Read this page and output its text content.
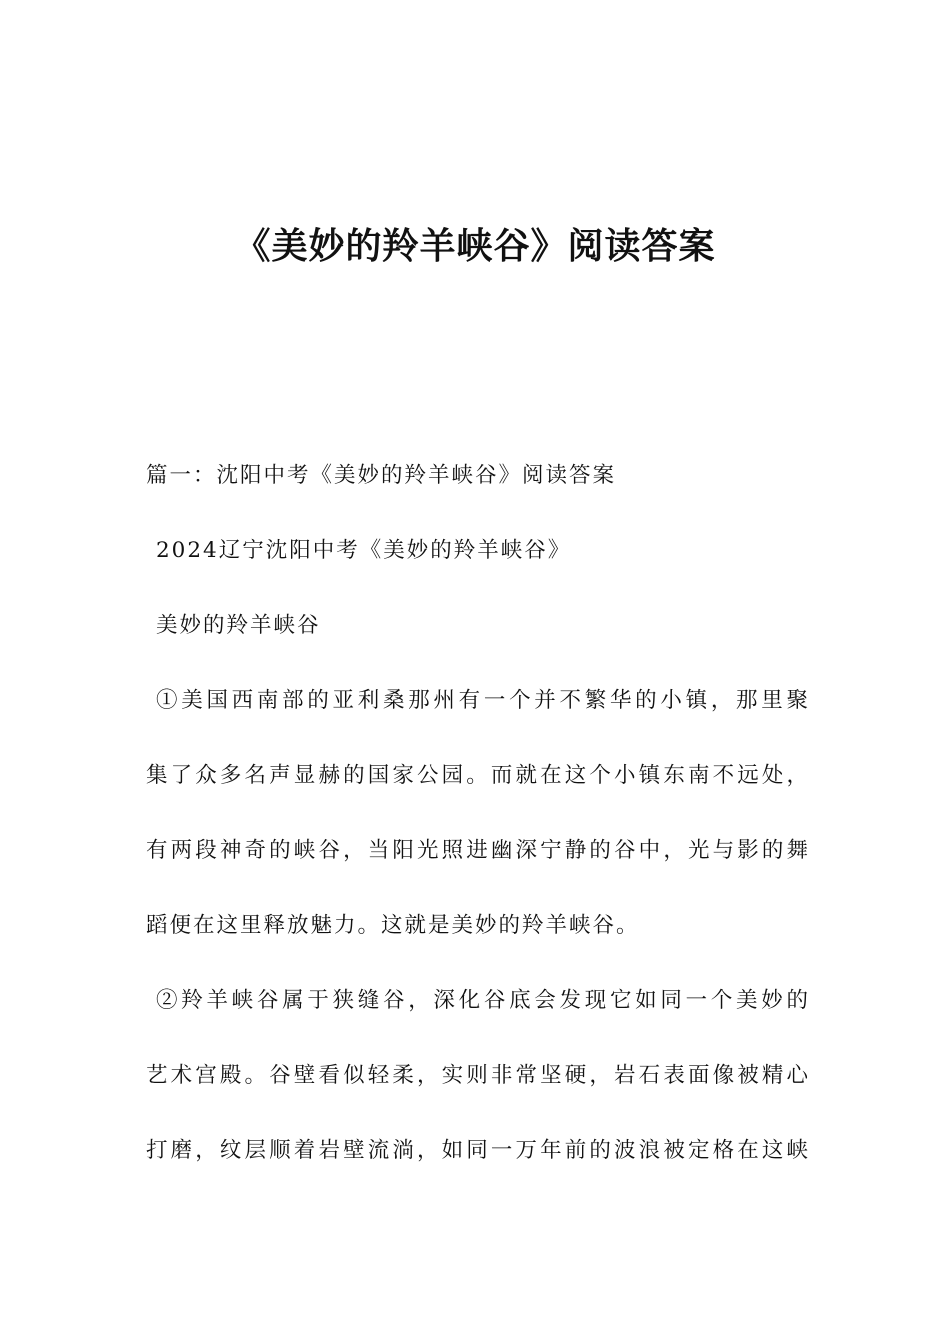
《美妙的羚羊峡谷》阅读答案
篇一：沈阳中考《美妙的羚羊峡谷》阅读答案
2024辽宁沈阳中考《美妙的羚羊峡谷》
美妙的羚羊峡谷
①美国西南部的亚利桑那州有一个并不繁华的小镇，那里聚
集了众多名声显赫的国家公园。而就在这个小镇东南不远处，
有两段神奇的峡谷，当阳光照进幽深宁静的谷中，光与影的舞
蹈便在这里释放魅力。这就是美妙的羚羊峡谷。
②羚羊峡谷属于狭缝谷，深化谷底会发现它如同一个美妙的
艺术宫殿。谷壁看似轻柔，实则非常坚硬，岩石表面像被精心
打磨，纹层顺着岩壁流淌，如同一万年前的波浪被定格在这峡
